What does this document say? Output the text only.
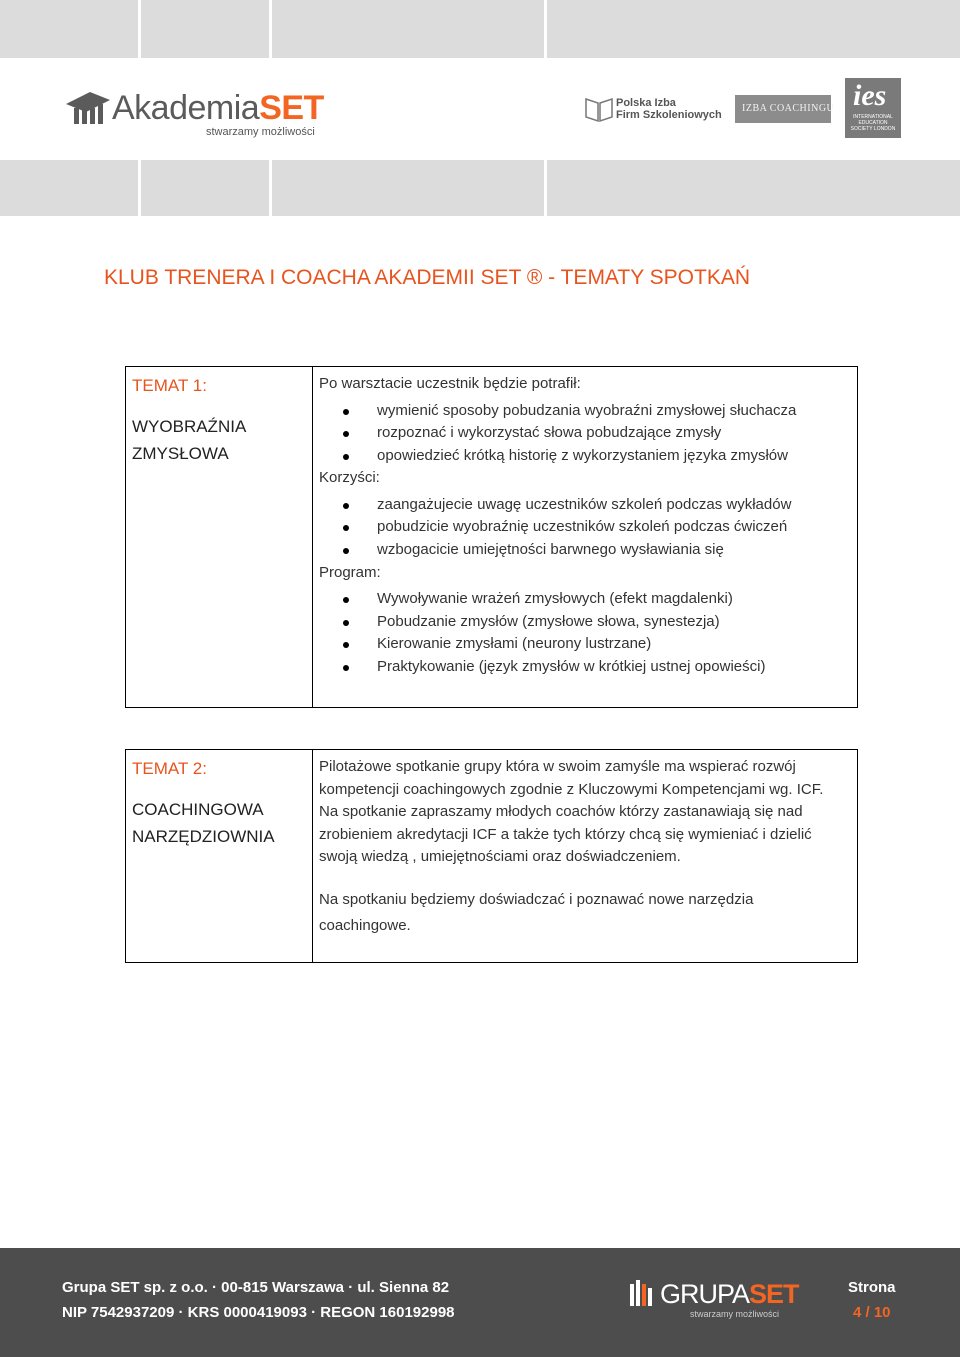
AkademiaSET
stwarzamy możliwości
Polska Izba
Firm Szkoleniowych
IZBA COACHINGU ies
INTERNATIONAL EDUCATION SOCIETY LONDON
KLUB TRENERA I COACHA AKADEMII SET ® - TEMATY SPOTKAŃ
TEMAT 1:
WYOBRAŹNIA
ZMYSŁOWA

Po warsztacie uczestnik będzie potrafił:
wymienić sposoby pobudzania wyobraźni zmysłowej słuchacza
rozpoznać i wykorzystać słowa pobudzające zmysły
opowiedzieć krótką historię z wykorzystaniem języka zmysłów
Korzyści:
zaangażujecie uwagę uczestników szkoleń podczas wykładów
pobudzicie wyobraźnię uczestników szkoleń podczas ćwiczeń
wzbogacicie umiejętności barwnego wysławiania się
Program:
Wywoływanie wrażeń zmysłowych (efekt magdalenki)
Pobudzanie zmysłów (zmysłowe słowa, synestezja)
Kierowanie zmysłami (neurony lustrzane)
Praktykowanie (język zmysłów w krótkiej ustnej opowieści)
TEMAT 2:
COACHINGOWA
NARZĘDZIOWNIA

Pilotażowe spotkanie grupy która w swoim zamyśle ma wspierać rozwój kompetencji coachingowych zgodnie z Kluczowymi Kompetencjami wg. ICF.
Na spotkanie zapraszamy młodych coachów którzy zastanawiają się nad zrobieniem akredytacji ICF a także tych którzy chcą się wymieniać i dzielić swoją wiedzą , umiejętnościami oraz doświadczeniem.
Na spotkaniu będziemy doświadczać i poznawać nowe narzędzia coachingowe.
Grupa SET sp. z o.o. · 00-815 Warszawa · ul. Sienna 82
NIP 7542937209 · KRS 0000419093 · REGON 160192998
GRUPASET
stwarzamy możliwości
Strona
4 / 10
